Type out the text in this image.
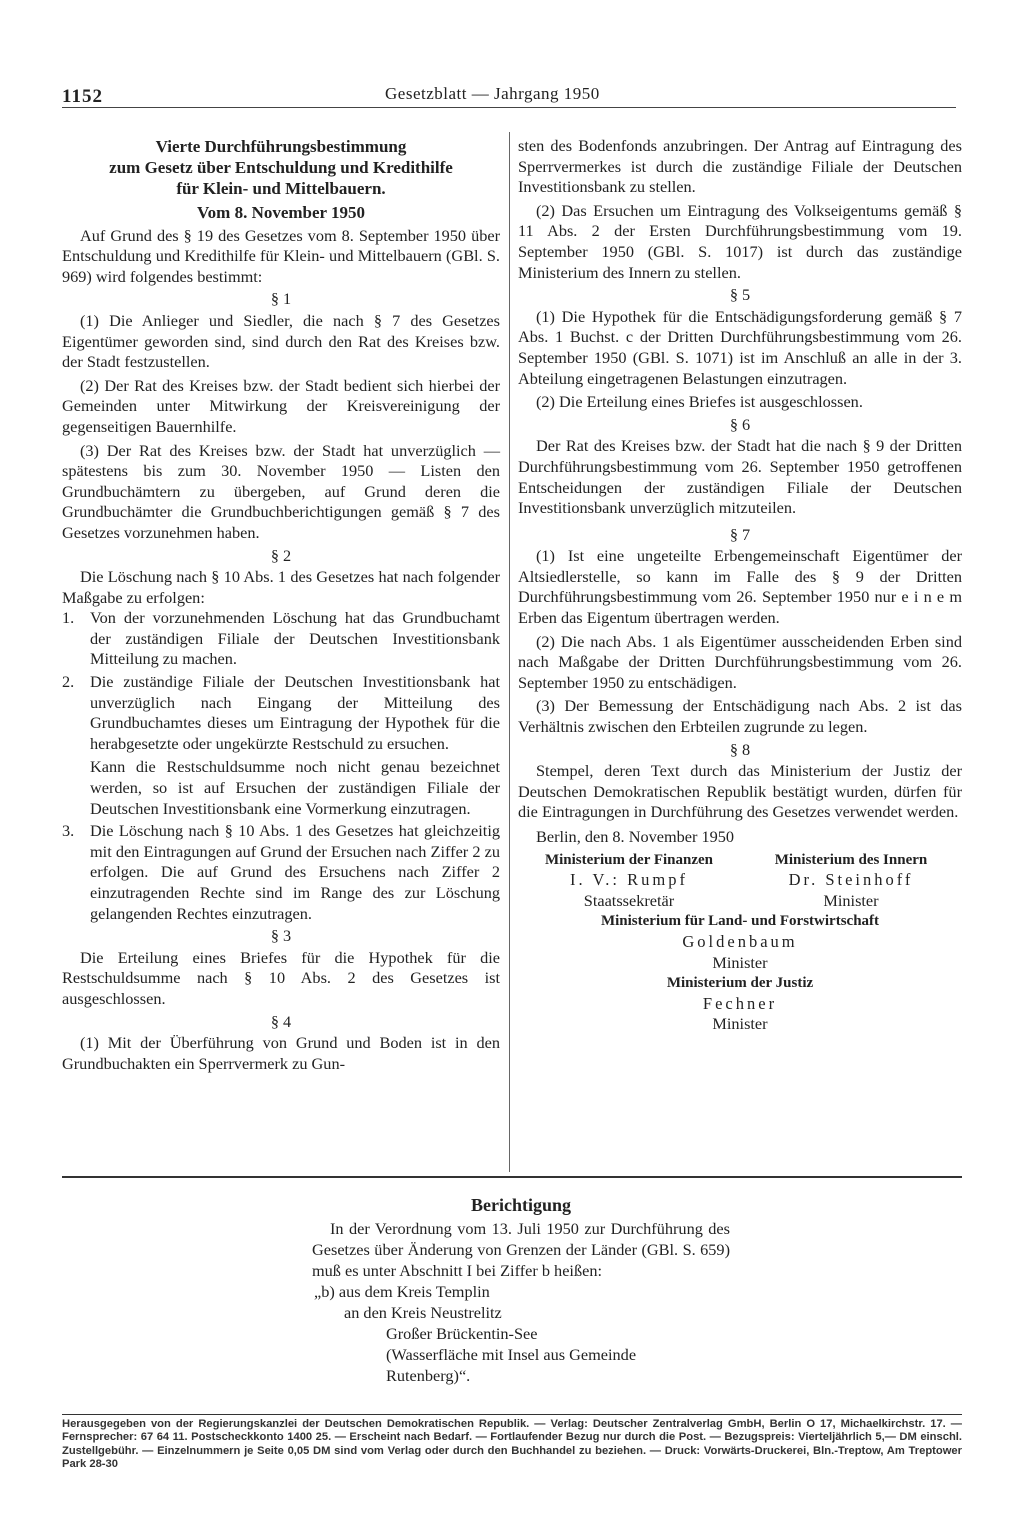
1152	Gesetzblatt — Jahrgang 1950
Vierte Durchführungsbestimmung
zum Gesetz über Entschuldung und Kredithilfe
für Klein- und Mittelbauern.
Vom 8. November 1950

Auf Grund des § 19 des Gesetzes vom 8. September 1950 über Entschuldung und Kredithilfe für Klein- und Mittelbauern (GBl. S. 969) wird folgendes bestimmt:

§ 1

(1) Die Anlieger und Siedler, die nach § 7 des Gesetzes Eigentümer geworden sind, sind durch den Rat des Kreises bzw. der Stadt festzustellen.

(2) Der Rat des Kreises bzw. der Stadt bedient sich hierbei der Gemeinden unter Mitwirkung der Kreisvereinigung der gegenseitigen Bauernhilfe.

(3) Der Rat des Kreises bzw. der Stadt hat unverzüglich — spätestens bis zum 30. November 1950 — Listen den Grundbuchämtern zu übergeben, auf Grund deren die Grundbuchämter die Grundbuchberichtigungen gemäß § 7 des Gesetzes vorzunehmen haben.

§ 2

Die Löschung nach § 10 Abs. 1 des Gesetzes hat nach folgender Maßgabe zu erfolgen:

1. Von der vorzunehmenden Löschung hat das Grundbuchamt der zuständigen Filiale der Deutschen Investitionsbank Mitteilung zu machen.
2. Die zuständige Filiale der Deutschen Investitionsbank hat unverzüglich nach Eingang der Mitteilung des Grundbuchamtes dieses um Eintragung der Hypothek für die herabgesetzte oder ungekürzte Restschuld zu ersuchen.

Kann die Restschuldsumme noch nicht genau bezeichnet werden, so ist auf Ersuchen der zuständigen Filiale der Deutschen Investitionsbank eine Vormerkung einzutragen.

3. Die Löschung nach § 10 Abs. 1 des Gesetzes hat gleichzeitig mit den Eintragungen auf Grund der Ersuchen nach Ziffer 2 zu erfolgen. Die auf Grund des Ersuchens nach Ziffer 2 einzutragenden Rechte sind im Range des zur Löschung gelangenden Rechtes einzutragen.
§ 3

Die Erteilung eines Briefes für die Hypothek für die Restschuldsumme nach § 10 Abs. 2 des Gesetzes ist ausgeschlossen.

§ 4

(1) Mit der Überführung von Grund und Boden ist in den Grundbuchakten ein Sperrvermerk zu Gun-

sten des Bodenfonds anzubringen. Der Antrag auf Eintragung des Sperrvermerkes ist durch die zuständige Filiale der Deutschen Investitionsbank zu stellen.

(2) Das Ersuchen um Eintragung des Volkseigentums gemäß § 11 Abs. 2 der Ersten Durchführungsbestimmung vom 19. September 1950 (GBl. S. 1017) ist durch das zuständige Ministerium des Innern zu stellen.

§ 5

(1) Die Hypothek für die Entschädigungsforderung gemäß § 7 Abs. 1 Buchst. c der Dritten Durchführungsbestimmung vom 26. September 1950 (GBl. S. 1071) ist im Anschluß an alle in der 3. Abteilung eingetragenen Belastungen einzutragen.

(2) Die Erteilung eines Briefes ist ausgeschlossen.

§ 6

Der Rat des Kreises bzw. der Stadt hat die nach § 9 der Dritten Durchführungsbestimmung vom 26. September 1950 getroffenen Entscheidungen der zuständigen Filiale der Deutschen Investitionsbank unverzüglich mitzuteilen.

§ 7

(1) Ist eine ungeteilte Erbengemeinschaft Eigentümer der Altsiedlerstelle, so kann im Falle des § 9 der Dritten Durchführungsbestimmung vom 26. September 1950 nur e i n e m Erben das Eigentum übertragen werden.

(2) Die nach Abs. 1 als Eigentümer ausscheidenden Erben sind nach Maßgabe der Dritten Durchführungsbestimmung vom 26. September 1950 zu entschädigen.

(3) Der Bemessung der Entschädigung nach Abs. 2 ist das Verhältnis zwischen den Erbteilen zugrunde zu legen.

§ 8

Stempel, deren Text durch das Ministerium der Justiz der Deutschen Demokratischen Republik bestätigt wurden, dürfen für die Eintragungen in Durchführung des Gesetzes verwendet werden.

Berlin, den 8. November 1950

Ministerium der Finanzen
I. V.: Rumpf
Staatssekretär
Ministerium des Innern
Dr. Steinhoff
Minister
Ministerium für Land- und Forstwirtschaft
Goldenbaum
Minister
Ministerium der Justiz
Fechner
Minister
Berichtigung

In der Verordnung vom 13. Juli 1950 zur Durchführung des Gesetzes über Änderung von Grenzen der Länder (GBl. S. 659) muß es unter Abschnitt I bei Ziffer b heißen:

„b) aus dem Kreis Templin
an den Kreis Neustrelitz
Großer Brückentin-See
(Wasserfläche mit Insel aus Gemeinde
Rutenberg)“.
Herausgegeben von der Regierungskanzlei der Deutschen Demokratischen Republik. — Verlag: Deutscher Zentralverlag GmbH, Berlin O 17, Michaelkirchstr. 17. — Fernsprecher: 67 64 11. Postscheckkonto 1400 25. — Erscheint nach Bedarf. — Fortlaufender Bezug nur durch die Post. — Bezugspreis: Vierteljährlich 5,— DM einschl. Zustellgebühr. — Einzelnummern je Seite 0,05 DM sind vom Verlag oder durch den Buchhandel zu beziehen. — Druck: Vorwärts-Druckerei, Bln.-Treptow, Am Treptower Park 28-30
